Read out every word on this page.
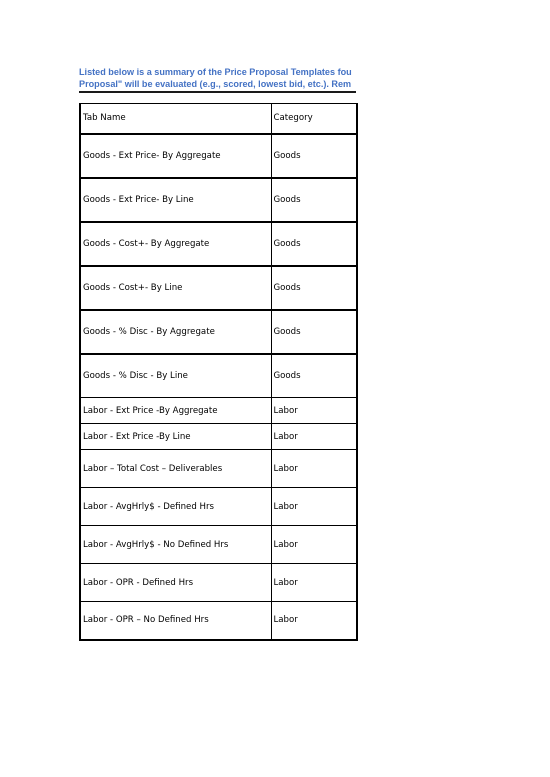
Listed below is a summary of the Price Proposal Templates fou
Proposal" will be evaluated (e.g., scored, lowest bid, etc.). Rem
Tab Name	Category
Goods - Ext Price- By Aggregate	Goods
Goods - Ext Price- By Line	Goods
Goods - Cost+- By Aggregate	Goods
Goods - Cost+- By Line	Goods
Goods - % Disc - By Aggregate	Goods
Goods - % Disc - By Line	Goods
Labor - Ext Price -By Aggregate	Labor
Labor - Ext Price -By Line	Labor
Labor – Total Cost – Deliverables	Labor
Labor - AvgHrly$ - Defined Hrs	Labor
Labor - AvgHrly$ - No Defined Hrs	Labor
Labor - OPR - Defined Hrs	Labor
Labor - OPR – No Defined Hrs	Labor
